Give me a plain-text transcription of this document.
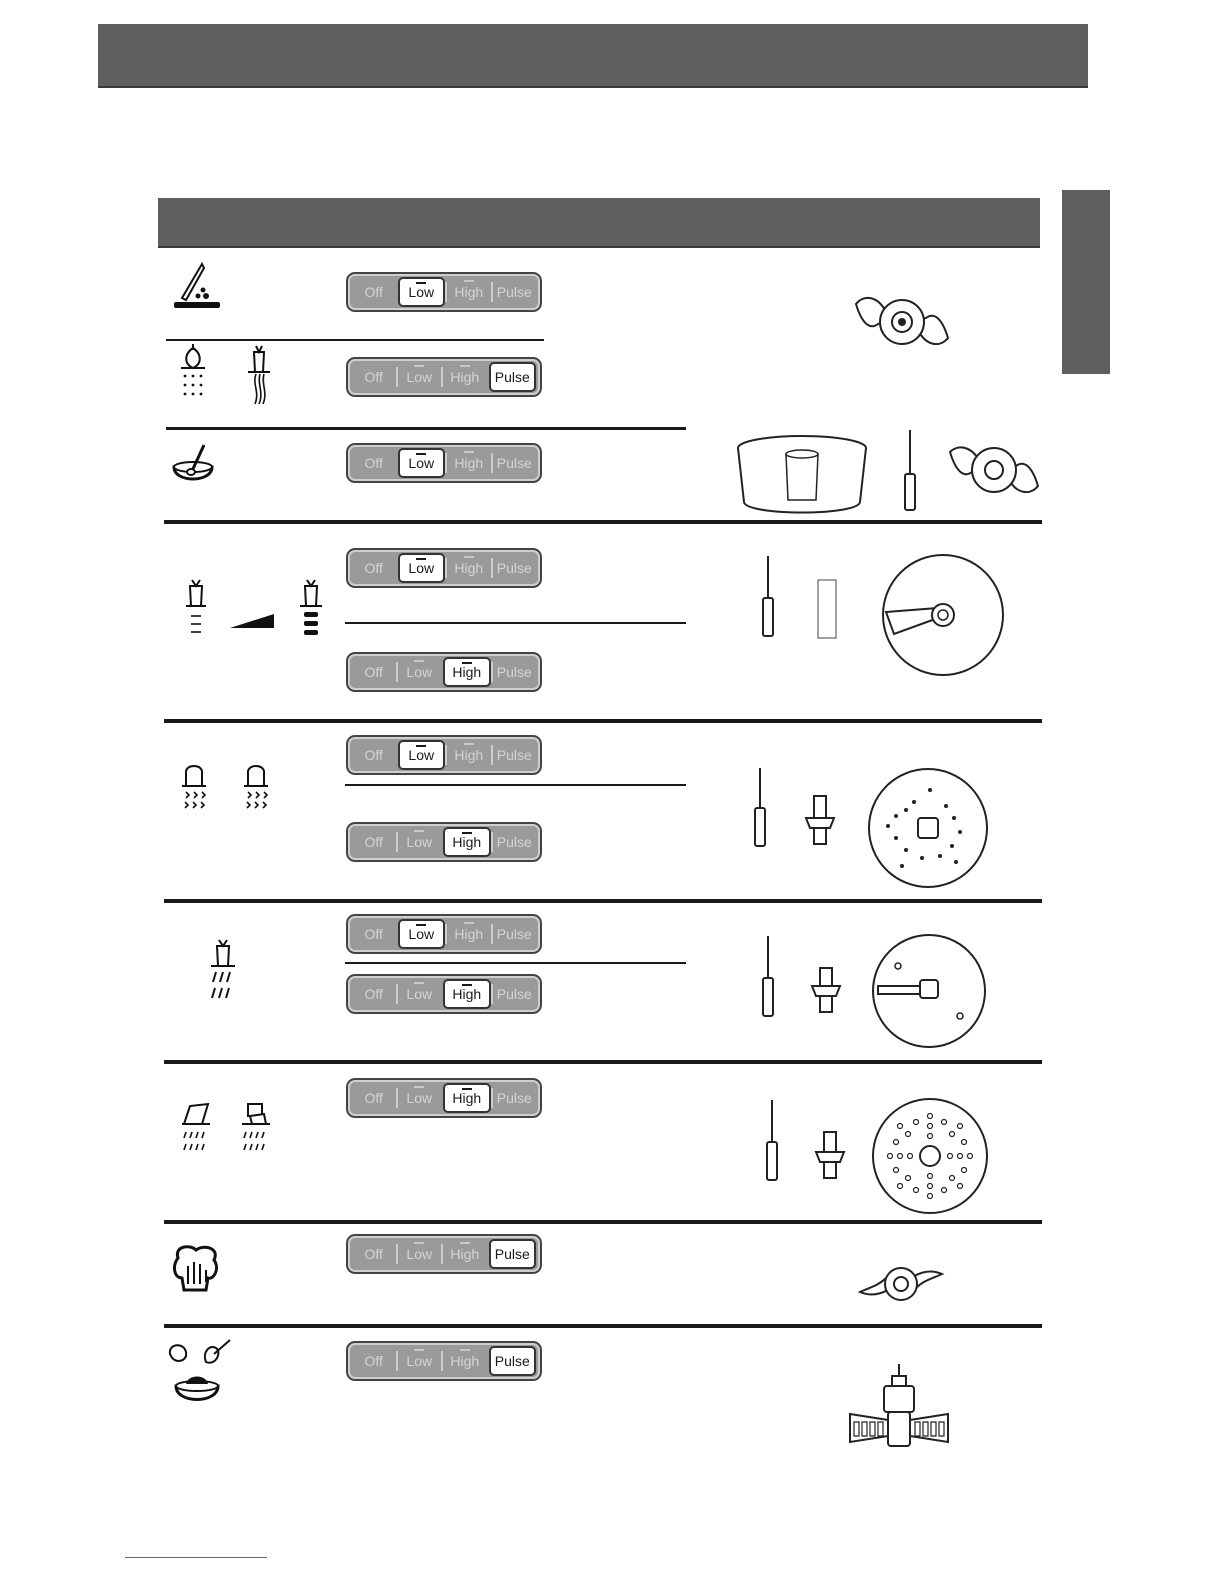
Off Low High Pulse
Off Low High Pulse
Off Low High Pulse
Off Low High Pulse
Off Low High Pulse
Off Low High Pulse
Off Low High Pulse
Off Low High Pulse
Off Low High Pulse
Off Low High Pulse
Off Low High Pulse
Off Low High Pulse
